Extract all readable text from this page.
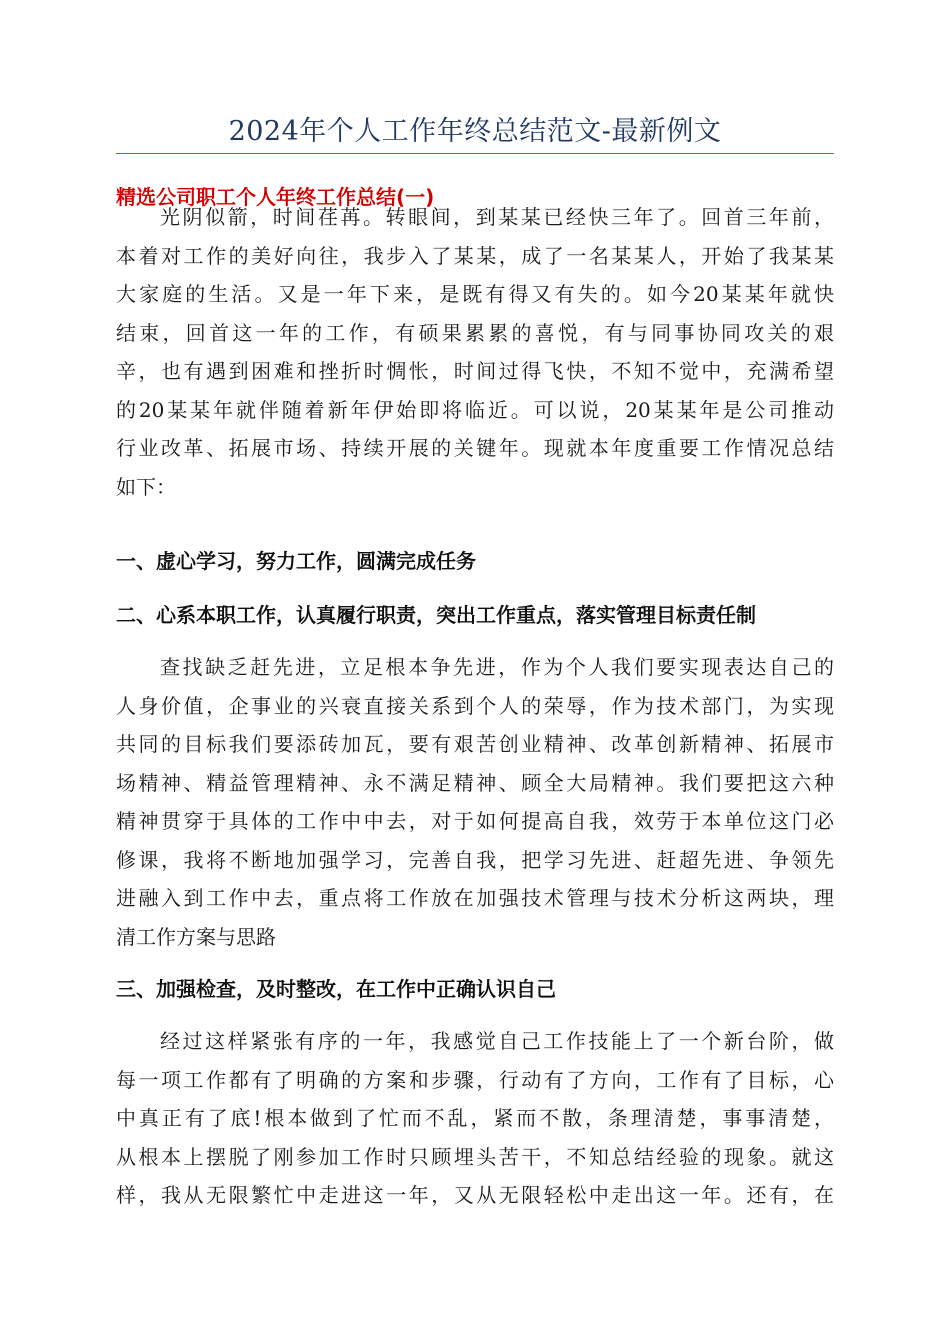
2024年个人工作年终总结范文-最新例文
精选公司职工个人年终工作总结(一)
光阴似箭，时间荏苒。转眼间，到某某已经快三年了。回首三年前，
本着对工作的美好向往，我步入了某某，成了一名某某人，开始了我某某
大家庭的生活。又是一年下来，是既有得又有失的。如今20某某年就快
结束，回首这一年的工作，有硕果累累的喜悦，有与同事协同攻关的艰
辛，也有遇到困难和挫折时惆怅，时间过得飞快，不知不觉中，充满希望
的20某某年就伴随着新年伊始即将临近。可以说，20某某年是公司推动
行业改革、拓展市场、持续开展的关键年。现就本年度重要工作情况总结
如下：
一、虚心学习，努力工作，圆满完成任务
二、心系本职工作，认真履行职责，突出工作重点，落实管理目标责任制
查找缺乏赶先进，立足根本争先进，作为个人我们要实现表达自己的
人身价值，企事业的兴衰直接关系到个人的荣辱，作为技术部门，为实现
共同的目标我们要添砖加瓦，要有艰苦创业精神、改革创新精神、拓展市
场精神、精益管理精神、永不满足精神、顾全大局精神。我们要把这六种
精神贯穿于具体的工作中中去，对于如何提高自我，效劳于本单位这门必
修课，我将不断地加强学习，完善自我，把学习先进、赶超先进、争领先
进融入到工作中去，重点将工作放在加强技术管理与技术分析这两块，理
清工作方案与思路
三、加强检查，及时整改，在工作中正确认识自己
经过这样紧张有序的一年，我感觉自己工作技能上了一个新台阶，做
每一项工作都有了明确的方案和步骤，行动有了方向，工作有了目标，心
中真正有了底!根本做到了忙而不乱，紧而不散，条理清楚，事事清楚，
从根本上摆脱了刚参加工作时只顾埋头苦干，不知总结经验的现象。就这
样，我从无限繁忙中走进这一年，又从无限轻松中走出这一年。还有，在
